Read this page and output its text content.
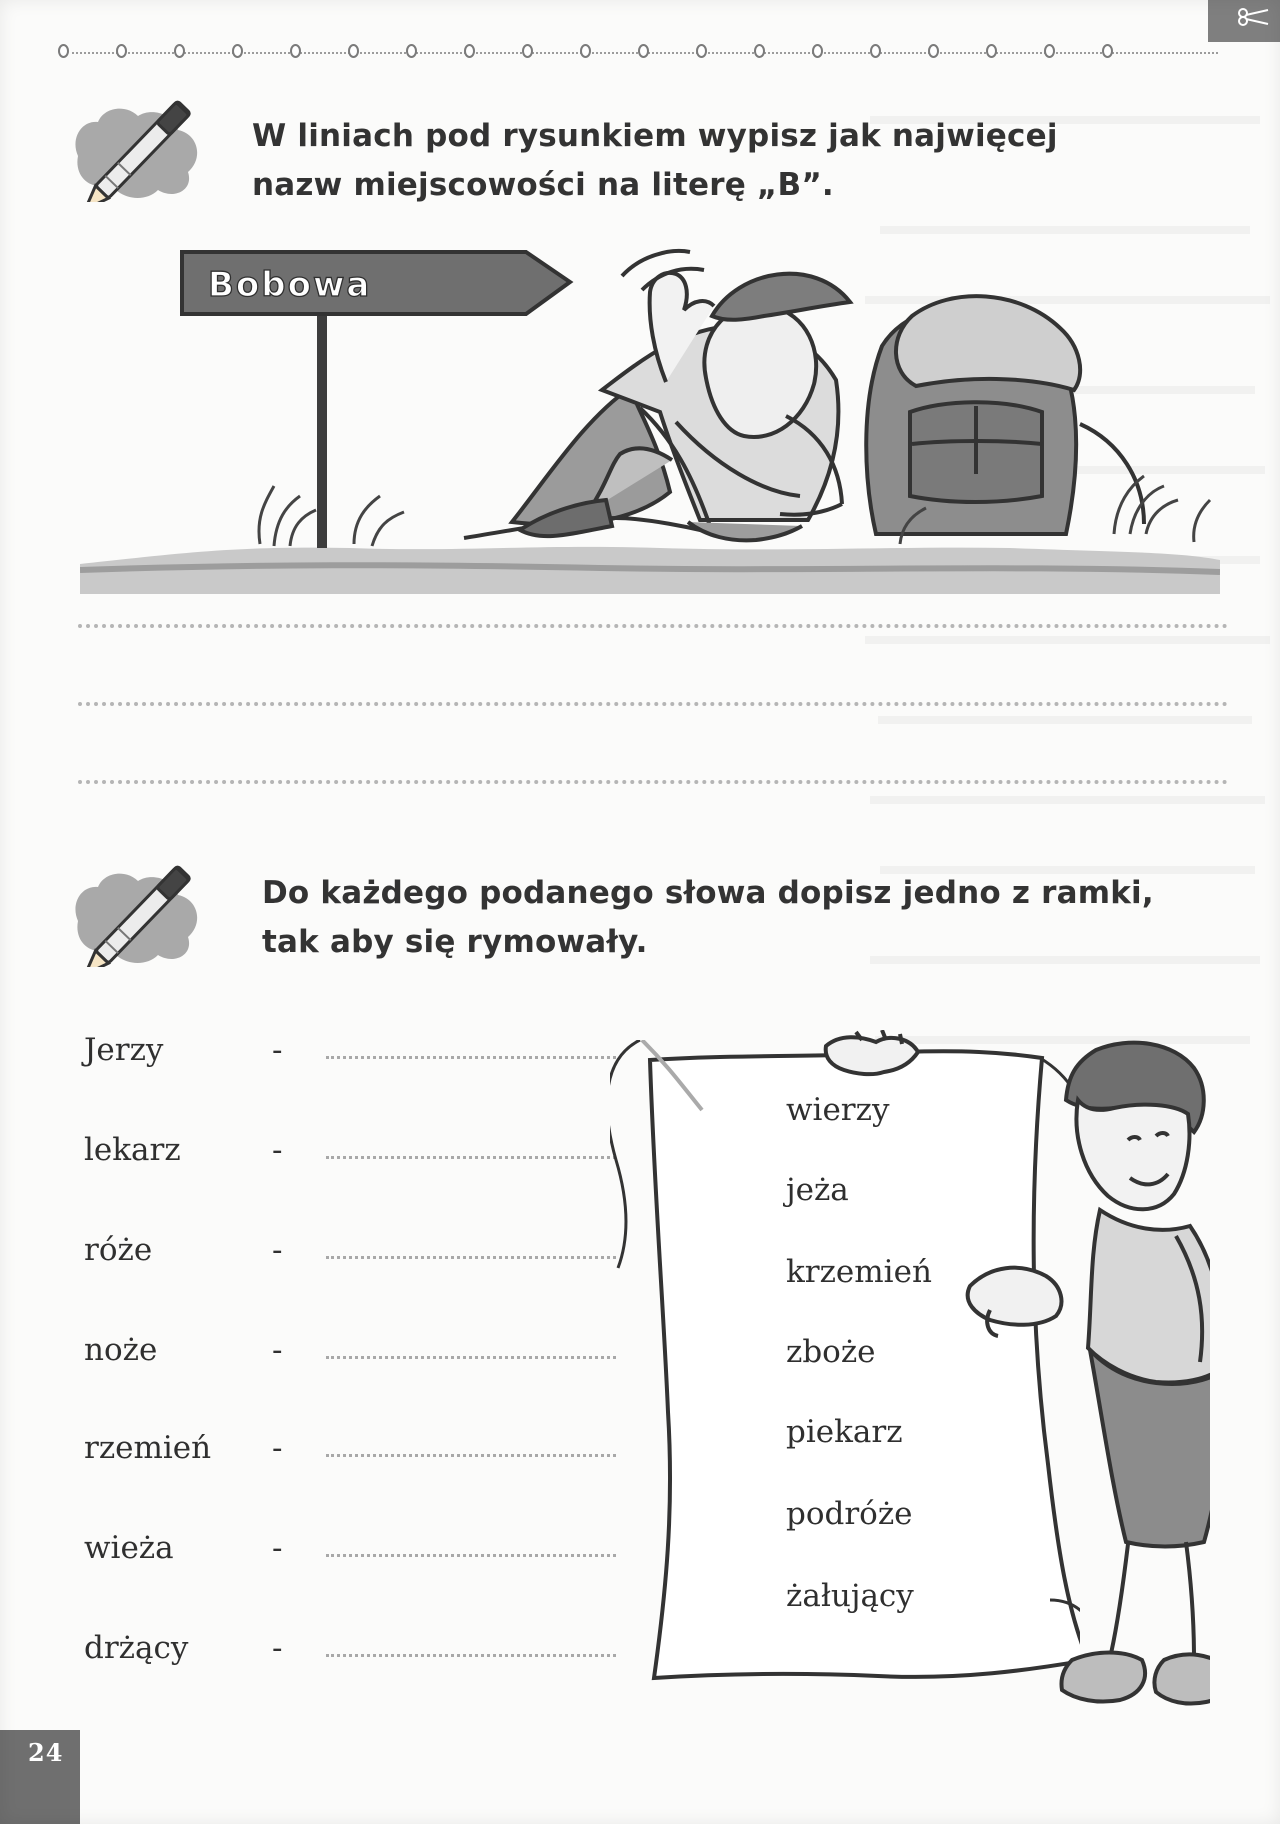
W liniach pod rysunkiem wypisz jak najwięcej
nazw miejscowości na literę „B”.
Bobowa
Do każdego podanego słowa dopisz jedno z ramki,
tak aby się rymowały.
Jerzy	-
lekarz	-
róże	-
noże	-
rzemień	-
wieża	-
drżący	-
wierzy
jeża
krzemień
zboże
piekarz
podróże
żałujący
24
